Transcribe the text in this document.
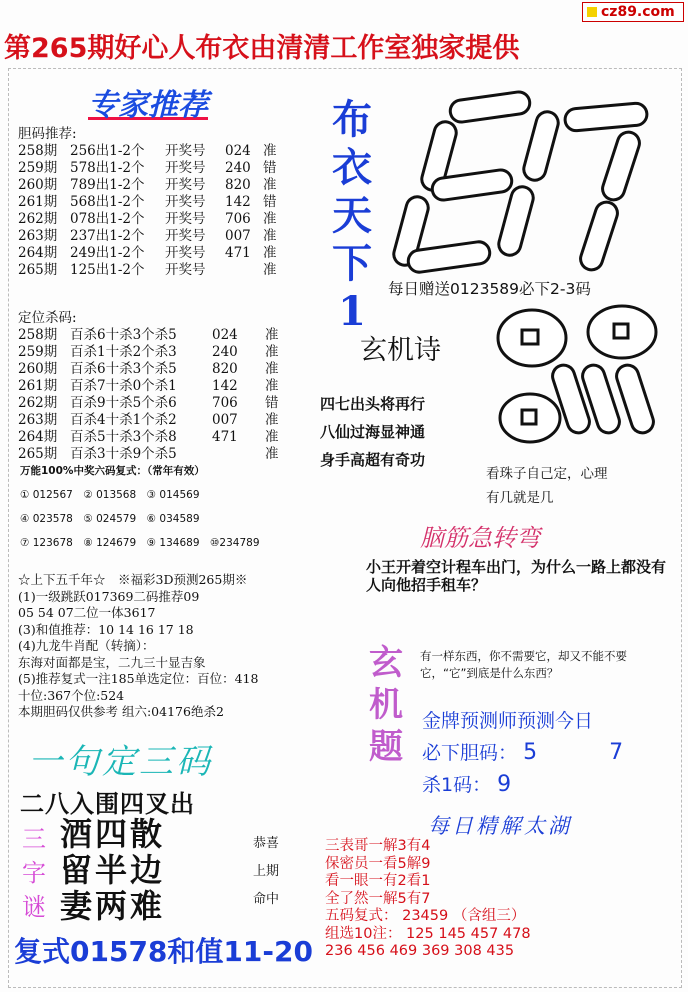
cz89.com
第265期好心人布衣由清清工作室独家提供
专家推荐
胆码推荐:
258期 256出1-2个	开奖号	024 准
259期 578出1-2个	开奖号	240 错
260期 789出1-2个	开奖号	820 准
261期 568出1-2个	开奖号	142 错
262期 078出1-2个	开奖号	706 准
263期 237出1-2个	开奖号	007 准
264期 249出1-2个	开奖号	471 准
265期 125出1-2个	开奖号	准
定位杀码:
258期 百杀6十杀3个杀5	024	准
259期 百杀1十杀2个杀3	240	准
260期 百杀6十杀3个杀5	820	准
261期 百杀7十杀0个杀1	142	准
262期 百杀9十杀5个杀6	706	错
263期 百杀4十杀1个杀2	007	准
264期 百杀5十杀3个杀8	471	准
265期 百杀3十杀9个杀5	准
万能100%中奖六码复式：（常年有效）
① 012567　② 013568　③ 014569
④ 023578　⑤ 024579　⑥ 034589
⑦ 123678　⑧ 124679　⑨ 134689　⑩234789
☆上下五千年☆　※福彩3D预测265期※
(1)一级跳跃017369二码推荐09
05 54 07二位一体3617
(3)和值推荐：10 14 16 17 18
(4)九龙牛肖配（转摘）：
东海对面都是宝，二九三十显吉象
(5)推荐复式一注185单选定位：百位：418
十位:367个位:524
本期胆码仅供参考 组六:04176绝杀2
布
衣
天
下
1	每日赠送0123589必下2-3码
玄机诗
四七出头将再行
八仙过海显神通
身手高超有奇功
看珠子自己定，心理
有几就是几
脑筋急转弯
小王开着空计程车出门，为什么一路上都没有人向他招手租车？
玄
机
题
有一样东西，你不需要它，却又不能不要它，“它”到底是什么东西？
金牌预测师预测今日
必下胆码： 5	7
杀1码： 9
每日精解太湖
三表哥一解3有4
保密员一看5解9
看一眼一有2看1
全了然一解5有7
五码复式： 23459 （含组三）
组选10注： 125 145 457 478
236 456 469 369 308 435
一句定三码
二八入围四叉出
三
字
谜
酒四散
留半边
妻两难
恭喜
上期
命中
复式01578和值11-20
